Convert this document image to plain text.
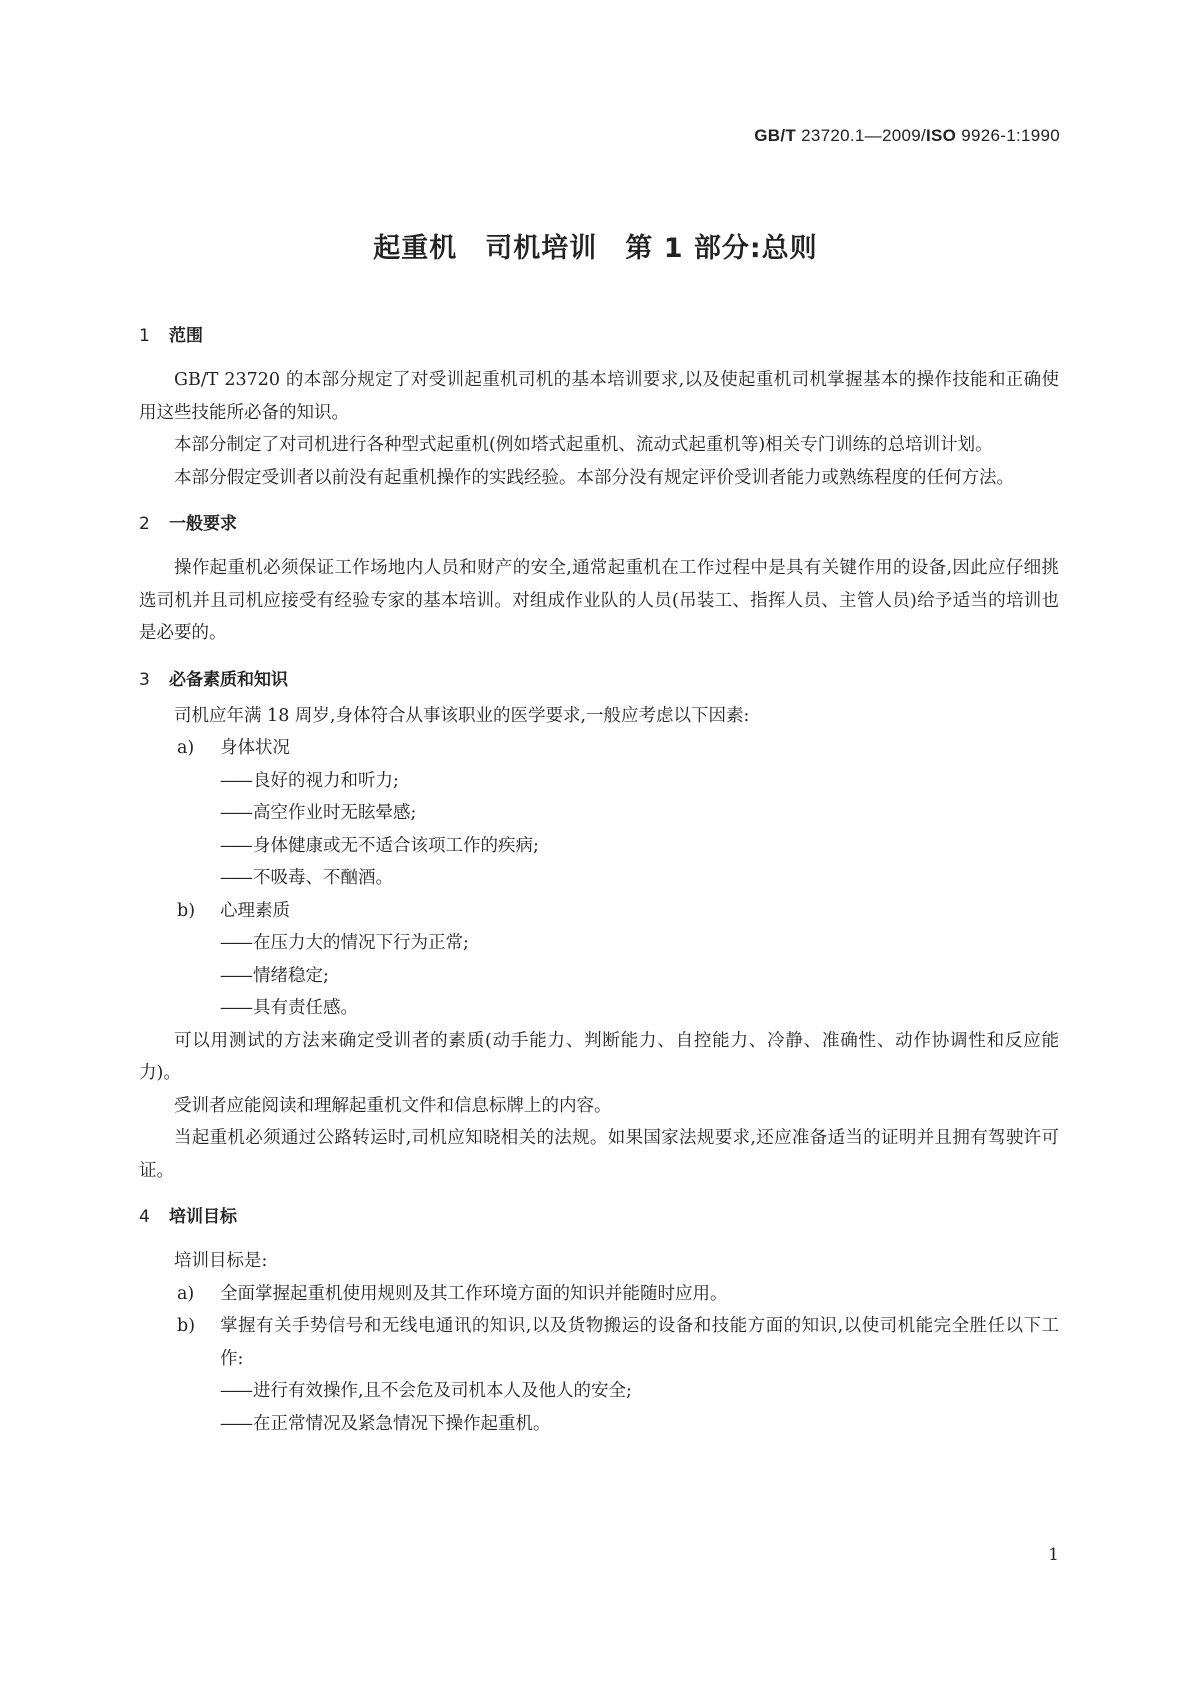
GB/T 23720.1—2009/ISO 9926-1:1990
起重机　司机培训　第 1 部分:总则
1 范围

GB/T 23720 的本部分规定了对受训起重机司机的基本培训要求,以及使起重机司机掌握基本的操作技能和正确使用这些技能所必备的知识。

本部分制定了对司机进行各种型式起重机(例如塔式起重机、流动式起重机等)相关专门训练的总培训计划。

本部分假定受训者以前没有起重机操作的实践经验。本部分没有规定评价受训者能力或熟练程度的任何方法。

2 一般要求

操作起重机必须保证工作场地内人员和财产的安全,通常起重机在工作过程中是具有关键作用的设备,因此应仔细挑选司机并且司机应接受有经验专家的基本培训。对组成作业队的人员(吊装工、指挥人员、主管人员)给予适当的培训也是必要的。

3 必备素质和知识

司机应年满 18 周岁,身体符合从事该职业的医学要求,一般应考虑以下因素:

a) 身体状况
—— 良好的视力和听力;
—— 高空作业时无眩晕感;
—— 身体健康或无不适合该项工作的疾病;
—— 不吸毒、不酗酒。
b) 心理素质
—— 在压力大的情况下行为正常;
—— 情绪稳定;
—— 具有责任感。

可以用测试的方法来确定受训者的素质(动手能力、判断能力、自控能力、冷静、准确性、动作协调性和反应能力)。

受训者应能阅读和理解起重机文件和信息标牌上的内容。

当起重机必须通过公路转运时,司机应知晓相关的法规。如果国家法规要求,还应准备适当的证明并且拥有驾驶许可证。

4 培训目标

培训目标是:

a) 全面掌握起重机使用规则及其工作环境方面的知识并能随时应用。
b) 掌握有关手势信号和无线电通讯的知识,以及货物搬运的设备和技能方面的知识,以使司机能完全胜任以下工作:
—— 进行有效操作,且不会危及司机本人及他人的安全;
—— 在正常情况及紧急情况下操作起重机。
1
